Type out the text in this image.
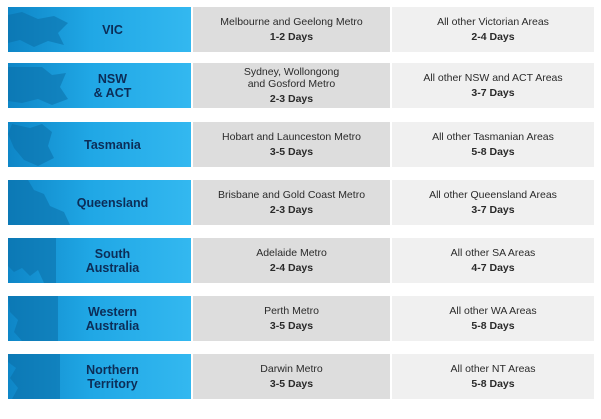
VIC
Melbourne and Geelong Metro
1-2 Days
All other Victorian Areas
2-4 Days
NSW
& ACT
Sydney, Wollongong
and Gosford Metro
2-3 Days
All other NSW and ACT Areas
3-7 Days
Tasmania
Hobart and Launceston Metro
3-5 Days
All other Tasmanian Areas
5-8 Days
Queensland
Brisbane and Gold Coast Metro
2-3 Days
All other Queensland Areas
3-7 Days
South
Australia
Adelaide Metro
2-4 Days
All other SA Areas
4-7 Days
Western
Australia
Perth Metro
3-5 Days
All other WA Areas
5-8 Days
Northern
Territory
Darwin Metro
3-5 Days
All other NT Areas
5-8 Days
